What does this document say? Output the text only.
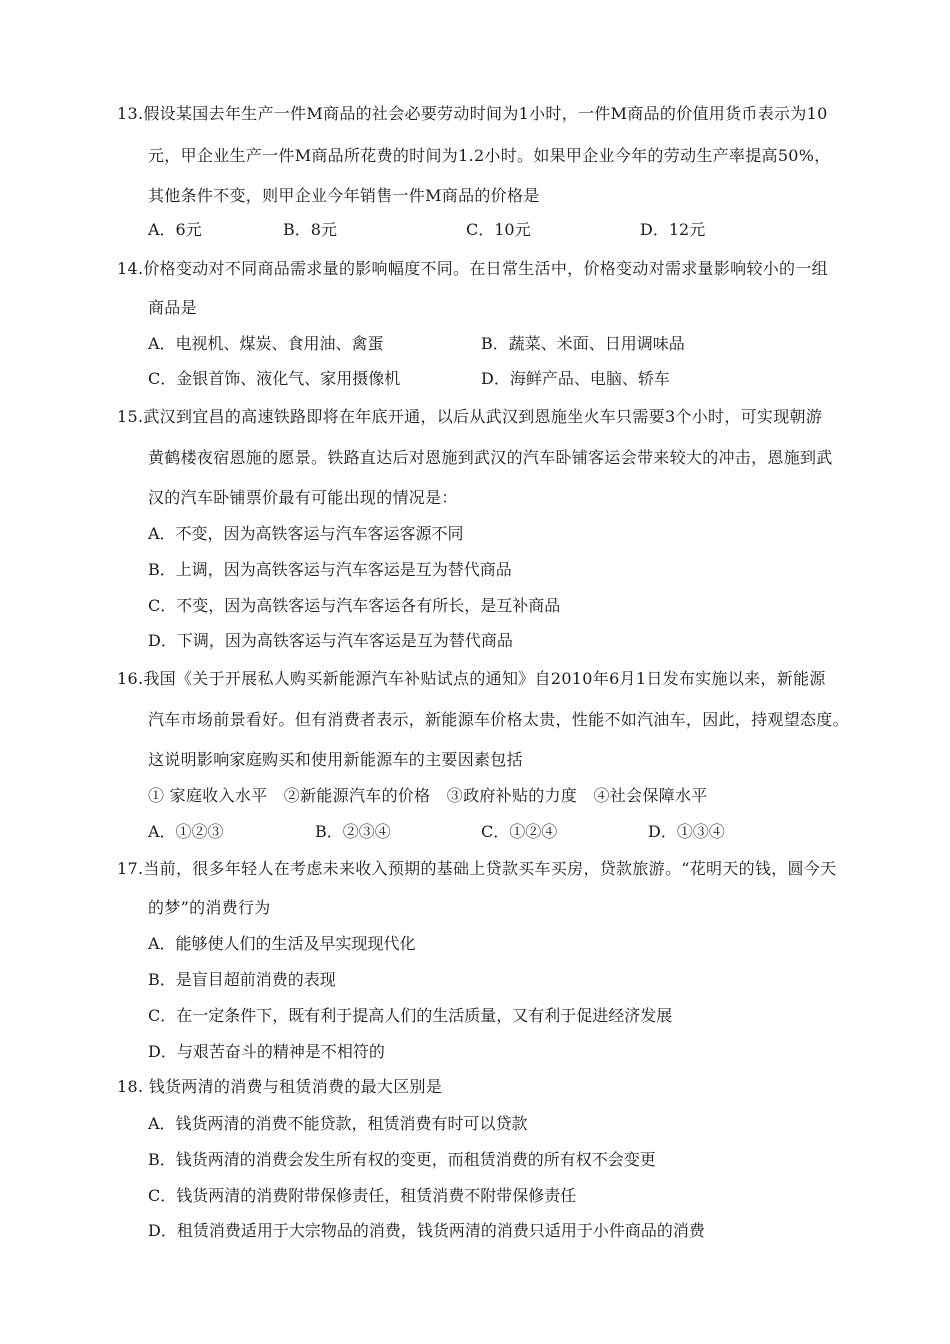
13.假设某国去年生产一件M商品的社会必要劳动时间为1小时，一件M商品的价值用货币表示为10
元，甲企业生产一件M商品所花费的时间为1.2小时。如果甲企业今年的劳动生产率提高50%，
其他条件不变，则甲企业今年销售一件M商品的价格是
A．6元	B．8元	C．10元	D．12元
14.价格变动对不同商品需求量的影响幅度不同。在日常生活中，价格变动对需求量影响较小的一组
商品是
A．电视机、煤炭、食用油、禽蛋	B．蔬菜、米面、日用调味品
C．金银首饰、液化气、家用摄像机	D．海鲜产品、电脑、轿车
15.武汉到宜昌的高速铁路即将在年底开通，以后从武汉到恩施坐火车只需要3个小时，可实现朝游
黄鹤楼夜宿恩施的愿景。铁路直达后对恩施到武汉的汽车卧铺客运会带来较大的冲击，恩施到武
汉的汽车卧铺票价最有可能出现的情况是：
A．不变，因为高铁客运与汽车客运客源不同
B．上调，因为高铁客运与汽车客运是互为替代商品
C．不变，因为高铁客运与汽车客运各有所长，是互补商品
D．下调，因为高铁客运与汽车客运是互为替代商品
16.我国《关于开展私人购买新能源汽车补贴试点的通知》自2010年6月1日发布实施以来，新能源
汽车市场前景看好。但有消费者表示，新能源车价格太贵，性能不如汽油车，因此，持观望态度。
这说明影响家庭购买和使用新能源车的主要因素包括
① 家庭收入水平　②新能源汽车的价格　③政府补贴的力度　④社会保障水平
A．①②③	B．②③④	C．①②④	D．①③④
17.当前，很多年轻人在考虑未来收入预期的基础上贷款买车买房，贷款旅游。“花明天的钱，圆今天
的梦”的消费行为
A．能够使人们的生活及早实现现代化
B．是盲目超前消费的表现
C．在一定条件下，既有利于提高人们的生活质量，又有利于促进经济发展
D．与艰苦奋斗的精神是不相符的
18. 钱货两清的消费与租赁消费的最大区别是
A．钱货两清的消费不能贷款，租赁消费有时可以贷款
B．钱货两清的消费会发生所有权的变更，而租赁消费的所有权不会变更
C．钱货两清的消费附带保修责任，租赁消费不附带保修责任
D．租赁消费适用于大宗物品的消费，钱货两清的消费只适用于小件商品的消费
